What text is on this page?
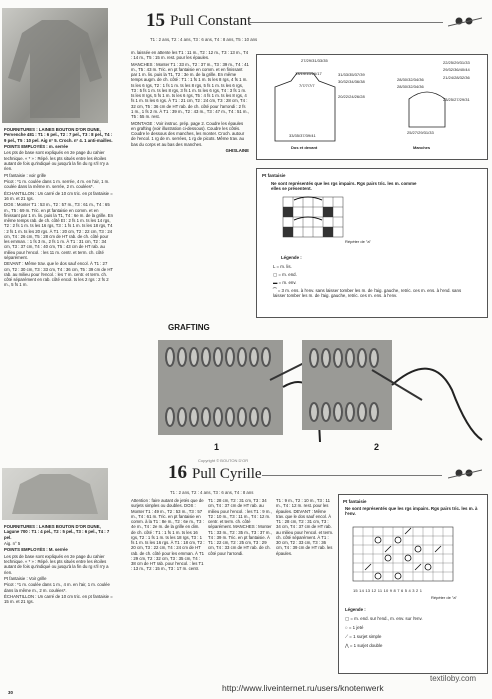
15 Pull Constant
T1 : 2 ans, T2 : 4 ans, T3 : 6 ans, T4 : 8 ans, T5 : 10 ans

FOURNITURES : LAINES BOUTON D'OR DUNE, Pervenche 481 : T1 : 6 pel., T2 : 7 pel., T3 : 8 pel., T4 : 9 pel., T5 : 10 pel. Aig n° 5. Croch. n° 4. 1 anti-mailles.

POINTS EMPLOYÉS : m. serrée

Les pts de base sont expliqués en 2e page du cahier technique. « * » : Répé. les pts situés entre les étoiles autant de fois qu'indiqué ou jusqu'à la fin du rg s'il n'y a rien.

Pt fantaisie : voir grille

Picot : *1 m. coulée dans 1 m. serrée, 4 m. en l'air, 1 m. coulée dans la même m. serrée, 2 m. coulées*.

ÉCHANTILLON : Un carré de 10 cm tric. en pt fantaisie = 16 m. et 21 rgs.

DOS : Monter T1 : 53 m., T2 : 57 m., T3 : 61 m., T4 : 65 m., T5 : 69 m. Tric. en pt fantaisie en comm. et en finissant par 1 m. lis. puis la T1, T4 : 6e m. de la grille. En même temps rab. de ch. côté Et : 2 fs 1 m. ts les 14 rgs, T2 : 2 fs 1 m. ts les 16 rgs, T3 : 1 fs 1 m. ts les 18 rgs, T4 : 2 fs 1 m. ts les 20 rgs. À T1 : 20 cm, T2 : 22 cm, T3 : 24 cm, T4 : 26 cm, T5 : 28 cm de HT rab. de ch. côté pour les emman. : 1 fs 3 m., 2 fs 1 m. À T1 : 31 cm, T2 : 34 cm, T3 : 37 cm, T4 : 40 cm, T5 : 43 cm de HT rab. au milieu pour l'encol. : les 11 m. centr. et term. ch. côté séparément.

DEVANT : Même trav. que le dos sauf encol. À T1 : 27 cm, T2 : 30 cm, T3 : 33 cm, T4 : 36 cm, T5 : 39 cm de HT rab. au milieu pour l'encol. : les 7 m. centr. et term. ch. côté séparément en rab. côté encol. ts les 2 rgs : 2 fs 2 m., 5 fs 1 m.

m. laissée en attente les T1 : 11 m., T2 : 12 m., T3 : 13 m., T4 : 14 m., T5 : 15 m. rest. pour les épaules.

MANCHES : Monter T1 : 33 m., T2 : 37 m., T3 : 39 m., T4 : 41 m., T5 : 43 m. Tric. en pt fantaisie en comm. et en finissant par 1 m. lis. puis la T1, T2 : 3e m. de la grille. En même temps augm. de ch. côté : T1 : 1 fs 1 m. ts les 8 rgs, 4 fs 1 m. ts les 6 rgs, T2 : 1 fs 1 m. ts les 8 rgs, 5 fs 1 m. ts les 6 rgs, T3 : 5 fs 1 m. ts les 8 rgs, 3 fs 1 m. ts les 6 rgs, T4 : 3 fs 1 m. ts les 8 rgs, 5 fs 1 m. ts les 6 rgs, T5 : 4 fs 1 m. ts les 8 rgs, 4 fs 1 m. ts les 6 rgs. À T1 : 21 cm, T2 : 24 cm, T3 : 28 cm, T4 : 32 cm, T5 : 36 cm de HT rab. de ch. côté pour l'arrondi : 2 fs 1 m., 1 fs 2 m. À T1 : 39 m., T2 : 43 m., T3 : 47 m., T4 : 51 m., T5 : 55 m. rest.

MONTAGE : Voir instruc. prép. page 2. Coudre les épaules en grafting (voir illustration ci-dessous). Coudre les côtés. Coudre le dessous des manches, les monter. Croch. autour de l'encol. 1 rg de m. serrées, 1 rg de picots. Même trav. au bas du corps et au bas des manches.

GHISLAINE

27/29/31/33/35
13/14/15/16/17
7/7/7/7/7
31/33/35/37/39
30/32/34/36/38	28/30/32/34/36
29/32/36/40/44
20/22/24/26/28
23/25/27/29/31
22/25/29/31/33
28/30/32/34/36
21/24/28/32/36
33/35/37/39/41
25/27/29/31/33
Dos et devant	Manches
Pt fantaisie
Ne sont représentés que les rgs impairs. Rgs pairs tric. les m. comme elles se présentent.
Répéter de "a"
Légende :
L = m. lis.
▢ = m. end.
▬ = m. env.
⁀ = 3 m. ens. à l'env. sans laisser tomber les m. de l'aig. gauche, retric. ces m. ens. à l'end. sans laisser tomber les m. de l'aig. gauche, retric. ces m. ens. à l'env.
GRAFTING
1	2
Copyright © BOUTON D'OR
16 Pull Cyrille
T1 : 2 ans, T2 : 4 ans, T3 : 6 ans, T4 : 8 ans

FOURNITURES : LAINES BOUTON D'OR DUNE, Lagune 700 : T1 : 4 pel., T2 : 5 pel., T3 : 6 pel., T4 : 7 pel.

Aig. n° 5

POINTS EMPLOYÉS : M. serrée

Les pts de base sont expliqués en 2e page du cahier technique. « * » : Répé. les pts situés entre les étoiles autant de fois qu'indiqué ou jusqu'à la fin du rg s'il n'y a rien.

Pt fantaisie : Voir grille

Picot : *1 m. coulée dans 1 m., 4 m. en l'air, 1 m. coulée dans la même m., 2 m. coulées*.

ÉCHANTILLON : Un carré de 10 cm tric. en pt fantaisie = 15 m. et 21 rgs.

Attention : faire autant de jetés que de surjets simples ou doubles. DOS : Monter T1 : 49 m., T2 : 53 m., T3 : 57 m., T4 : 61 m. Tric. en pt fantaisie en comm. à la T1 : 8e m., T2 : 6e m., T3 : 4e m., T4 : 2e m. de la grille en dim. de ch. côté : T1 : 1 fs 1 m. ts les 16 rgs, T2 : 1 fs 1 m. ts les 18 rgs, T3 : 1 fs 1 m. ts les 16 rgs. À T1 : 18 cm, T2 : 20 cm, T3 : 22 cm, T4 : 24 cm de HT rab. de ch. côté pour les emman. À T1 : 29 cm, T2 : 32 cm, T3 : 35 cm, T4 : 38 cm de HT rab. pour l'encol. : les T1 : 13 m., T2 : 15 m., T3 : 17 m. centr.

T1 : 28 cm, T2 : 31 cm, T3 : 34 cm, T4 : 37 cm de HT rab. au milieu pour l'encol. : les T1 : 9 m., T2 : 10 m., T3 : 11 m., T4 : 12 m. centr. et term. ch. côté séparément. MANCHES : Monter T1 : 33 m., T2 : 35 m., T3 : 37 m., T4 : 39 m. Tric. en pt fantaisie. À T1 : 22 cm, T2 : 25 cm, T3 : 29 cm, T4 : 33 cm de HT rab. de ch. côté pour l'arrondi.

T1 : 9 m., T2 : 10 m., T3 : 11 m., T4 : 12 m. rest. pour les épaules. DEVANT : Même trav. que le dos sauf encol. À T1 : 28 cm, T2 : 31 cm, T3 : 34 cm, T4 : 37 cm de HT rab. au milieu pour l'encol. et term. ch. côté séparément. À T1 : 30 cm, T2 : 33 cm, T3 : 36 cm, T4 : 39 cm de HT rab. les épaules.

Pt fantaisie
Ne sont représentés que les rgs impairs. Rgs pairs tric. les m. à l'env.
15 14 13 12 11 10 9 8 7 6 5 4 3 2 1
Répéter de "a"
Légende :
▢ = m. end. sur l'end., m. env. sur l'env.
○ = 1 jeté
⟋ = 1 surjet simple
⋀ = 1 surjet double
30	http://www.liveinternet.ru/users/knotenwerk
textiloby.com
